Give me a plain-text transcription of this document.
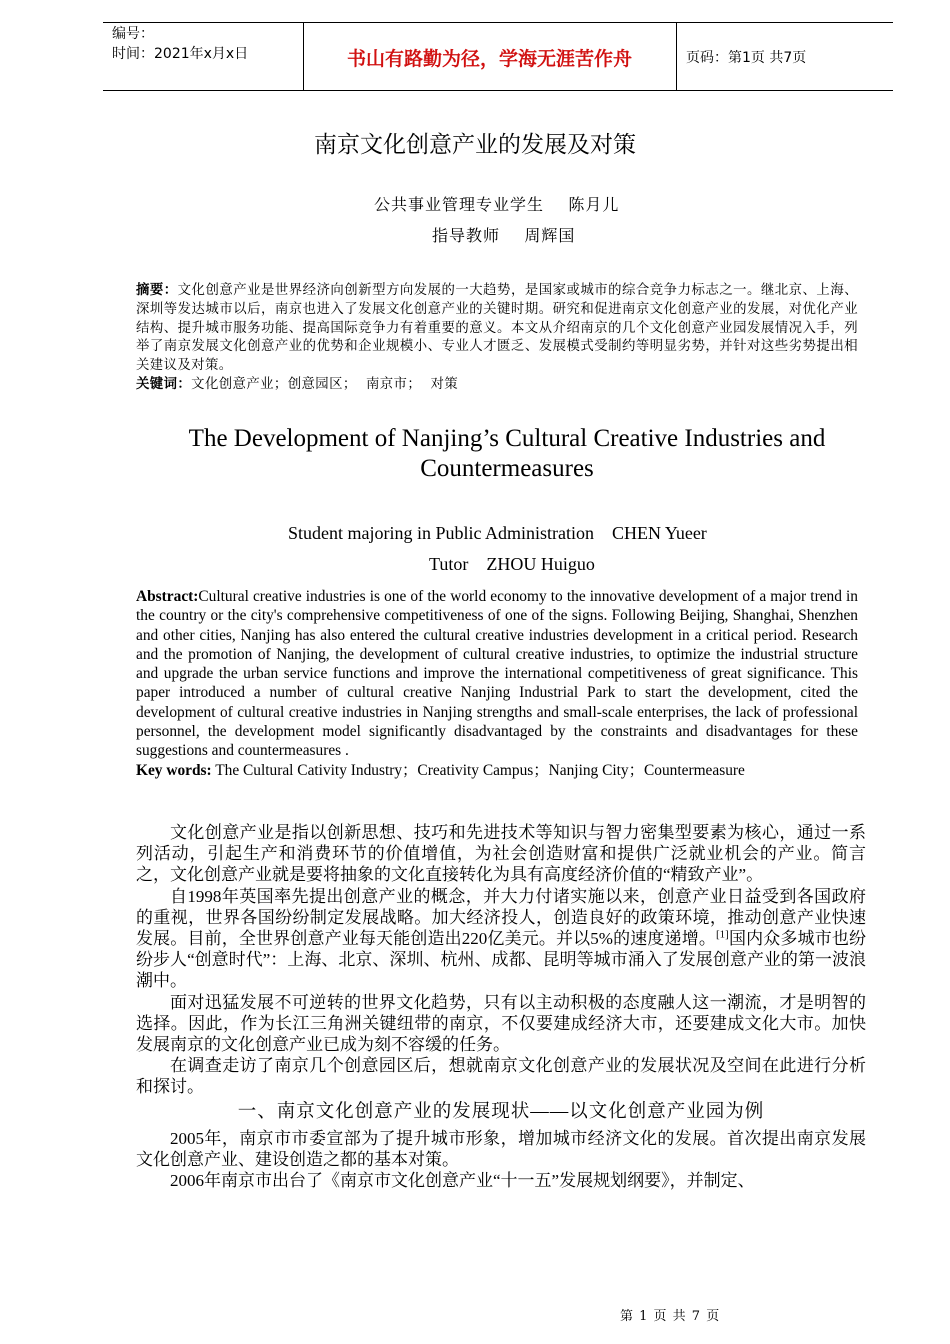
编号：
时间：2021年x月x日	书山有路勤为径，学海无涯苦作舟	页码：第1页 共7页
南京文化创意产业的发展及对策
公共事业管理专业学生    陈月儿
指导教师    周辉国
摘要：文化创意产业是世界经济向创新型方向发展的一大趋势，是国家或城市的综合竞争力标志之一。继北京、上海、深圳等发达城市以后，南京也进入了发展文化创意产业的关键时期。研究和促进南京文化创意产业的发展，对优化产业结构、提升城市服务功能、提高国际竞争力有着重要的意义。本文从介绍南京的几个文化创意产业园发展情况入手，列举了南京发展文化创意产业的优势和企业规模小、专业人才匮乏、发展模式受制约等明显劣势，并针对这些劣势提出相关建议及对策。
关键词：文化创意产业；创意园区；  南京市；  对策
The Development of Nanjing’s Cultural Creative Industries and Countermeasures
Student majoring in Public Administration    CHEN Yueer
Tutor    ZHOU Huiguo
Abstract:Cultural creative industries is one of the world economy to the innovative development of a major trend in the country or the city's comprehensive competitiveness of one of the signs. Following Beijing, Shanghai, Shenzhen and other cities, Nanjing has also entered the cultural creative industries development in a critical period. Research and the promotion of Nanjing, the development of cultural creative industries, to optimize the industrial structure and upgrade the urban service functions and improve the international competitiveness of great significance. This paper introduced a number of cultural creative Nanjing Industrial Park to start the development, cited the development of cultural creative industries in Nanjing strengths and small-scale enterprises, the lack of professional personnel, the development model significantly disadvantaged by the constraints and disadvantages for these suggestions and countermeasures .
Key words: The Cultural Cativity Industry；Creativity Campus；Nanjing City；Countermeasure

文化创意产业是指以创新思想、技巧和先进技术等知识与智力密集型要素为核心，通过一系列活动，引起生产和消费环节的价值增值，为社会创造财富和提供广泛就业机会的产业。简言之，文化创意产业就是要将抽象的文化直接转化为具有高度经济价值的“精致产业”。

自1998年英国率先提出创意产业的概念，并大力付诸实施以来，创意产业日益受到各国政府的重视，世界各国纷纷制定发展战略。加大经济投人，创造良好的政策环境，推动创意产业快速发展。目前，全世界创意产业每天能创造出220亿美元。并以5%的速度递增。[1]国内众多城市也纷纷步人“创意时代”：上海、北京、深圳、杭州、成都、昆明等城市涌入了发展创意产业的第一波浪潮中。

面对迅猛发展不可逆转的世界文化趋势，只有以主动积极的态度融人这一潮流，才是明智的选择。因此，作为长江三角洲关键纽带的南京，不仅要建成经济大市，还要建成文化大市。加快发展南京的文化创意产业已成为刻不容缓的任务。

在调查走访了南京几个创意园区后，想就南京文化创意产业的发展状况及空间在此进行分析和探讨。

一、南京文化创意产业的发展现状——以文化创意产业园为例

2005年，南京市市委宣部为了提升城市形象，增加城市经济文化的发展。首次提出南京发展文化创意产业、建设创造之都的基本对策。

2006年南京市出台了《南京市文化创意产业“十一五”发展规划纲要》，并制定、

第 1 页 共 7 页
